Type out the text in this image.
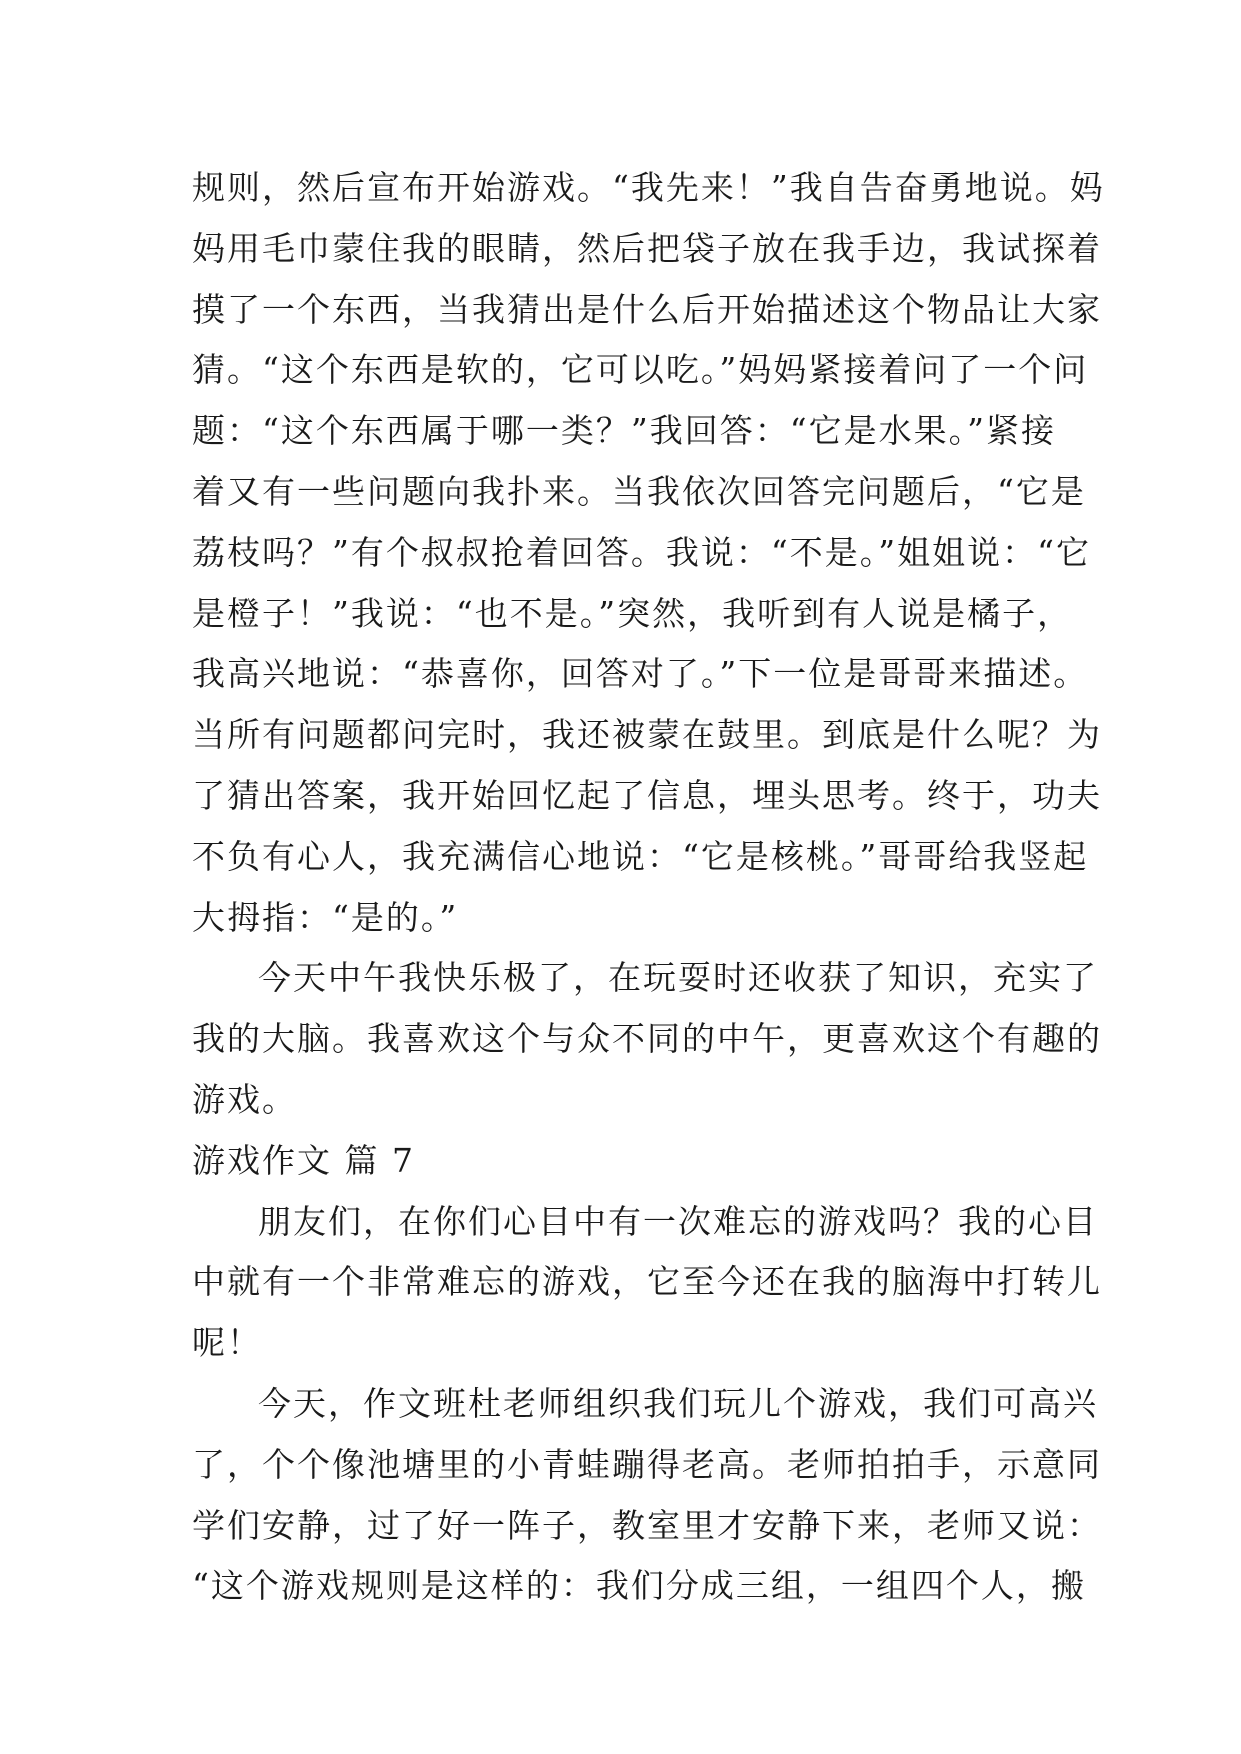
规则，然后宣布开始游戏。“我先来！”我自告奋勇地说。妈
妈用毛巾蒙住我的眼睛，然后把袋子放在我手边，我试探着
摸了一个东西，当我猜出是什么后开始描述这个物品让大家
猜。“这个东西是软的，它可以吃。”妈妈紧接着问了一个问
题：“这个东西属于哪一类？”我回答：“它是水果。”紧接
着又有一些问题向我扑来。当我依次回答完问题后，“它是
荔枝吗？”有个叔叔抢着回答。我说：“不是。”姐姐说：“它
是橙子！”我说：“也不是。”突然，我听到有人说是橘子，
我高兴地说：“恭喜你，回答对了。”下一位是哥哥来描述。
当所有问题都问完时，我还被蒙在鼓里。到底是什么呢？为
了猜出答案，我开始回忆起了信息，埋头思考。终于，功夫
不负有心人，我充满信心地说：“它是核桃。”哥哥给我竖起
大拇指：“是的。”
今天中午我快乐极了，在玩耍时还收获了知识，充实了
我的大脑。我喜欢这个与众不同的中午，更喜欢这个有趣的
游戏。
游戏作文 篇 7
朋友们，在你们心目中有一次难忘的游戏吗？我的心目
中就有一个非常难忘的游戏，它至今还在我的脑海中打转儿
呢！
今天，作文班杜老师组织我们玩儿个游戏，我们可高兴
了，个个像池塘里的小青蛙蹦得老高。老师拍拍手，示意同
学们安静，过了好一阵子，教室里才安静下来，老师又说：
“这个游戏规则是这样的：我们分成三组，一组四个人，搬
